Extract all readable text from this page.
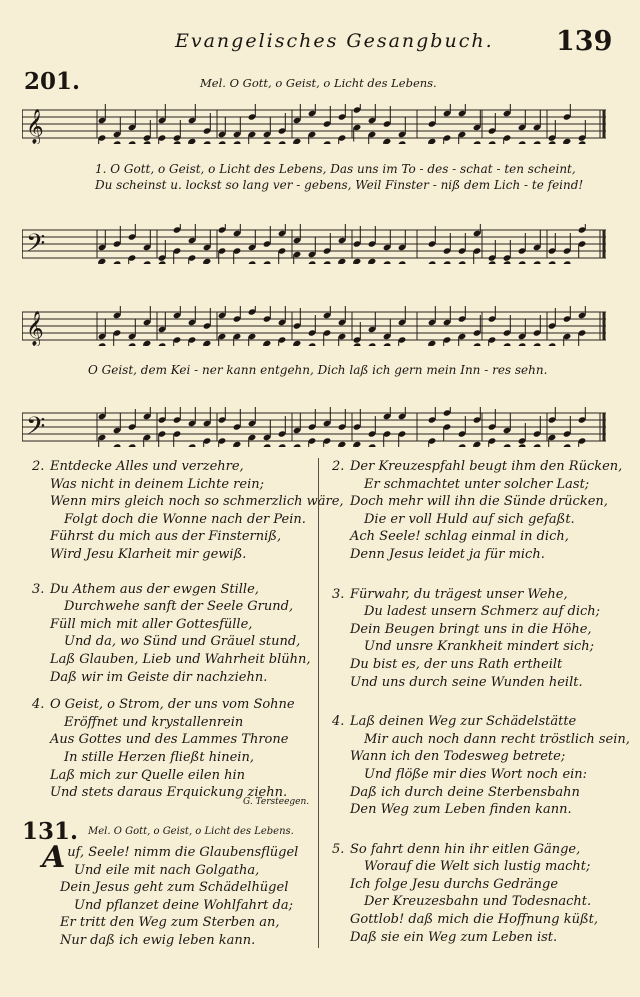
Evangelisches Gesangbuch. 139
201.	Mel. O Gott, o Geist, o Licht des Lebens.
𝄞
1. O Gott, o Geist, o Licht des Lebens, Das uns im To - des - schat - ten scheint,
Du scheinst u. lockst so lang ver - gebens, Weil Finster - niß dem Lich - te feind!
𝄢
𝄞
O Geist, dem Kei - ner kann entgehn, Dich laß ich gern mein Inn - res sehn.
𝄢
2. Entdecke Alles und verzehre,
Was nicht in deinem Lichte rein;
Wenn mirs gleich noch so schmerzlich wäre,
Folgt doch die Wonne nach der Pein.
Führst du mich aus der Finsterniß,
Wird Jesu Klarheit mir gewiß.
3. Du Athem aus der ewgen Stille,
Durchwehe sanft der Seele Grund,
Füll mich mit aller Gottesfülle,
Und da, wo Sünd und Gräuel stund,
Laß Glauben, Lieb und Wahrheit blühn,
Daß wir im Geiste dir nachziehn.
4. O Geist, o Strom, der uns vom Sohne
Eröffnet und krystallenrein
Aus Gottes und des Lammes Throne
In stille Herzen fließt hinein,
Laß mich zur Quelle eilen hin
Und stets daraus Erquickung ziehn.
G. Tersteegen.
131. Mel. O Gott, o Geist, o Licht des Lebens.
Auf, Seele! nimm die Glaubensflügel
Und eile mit nach Golgatha,
Dein Jesus geht zum Schädelhügel
Und pflanzet deine Wohlfahrt da;
Er tritt den Weg zum Sterben an,
Nur daß ich ewig leben kann.
2. Der Kreuzespfahl beugt ihm den Rücken,
Er schmachtet unter solcher Last;
Doch mehr will ihn die Sünde drücken,
Die er voll Huld auf sich gefaßt.
Ach Seele! schlag einmal in dich,
Denn Jesus leidet ja für mich.
3. Fürwahr, du trägest unser Wehe,
Du ladest unsern Schmerz auf dich;
Dein Beugen bringt uns in die Höhe,
Und unsre Krankheit mindert sich;
Du bist es, der uns Rath ertheilt
Und uns durch seine Wunden heilt.
4. Laß deinen Weg zur Schädelstätte
Mir auch noch dann recht tröstlich sein,
Wann ich den Todesweg betrete;
Und flöße mir dies Wort noch ein:
Daß ich durch deine Sterbensbahn
Den Weg zum Leben finden kann.
5. So fahrt denn hin ihr eitlen Gänge,
Worauf die Welt sich lustig macht;
Ich folge Jesu durchs Gedränge
Der Kreuzesbahn und Todesnacht.
Gottlob! daß mich die Hoffnung küßt,
Daß sie ein Weg zum Leben ist.
